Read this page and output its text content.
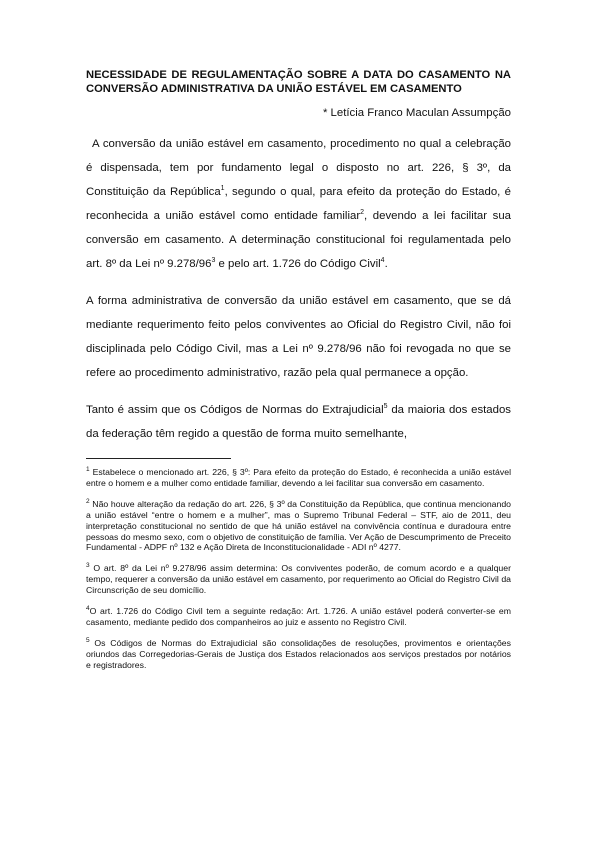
NECESSIDADE DE REGULAMENTAÇÃO SOBRE A DATA DO CASAMENTO NA CONVERSÃO ADMINISTRATIVA DA UNIÃO ESTÁVEL EM CASAMENTO
* Letícia Franco Maculan Assumpção

A conversão da união estável em casamento, procedimento no qual a celebração é dispensada, tem por fundamento legal o disposto no art. 226, § 3º, da Constituição da República$^1$, segundo o qual, para efeito da proteção do Estado, é reconhecida a união estável como entidade familiar$^2$, devendo a lei facilitar sua conversão em casamento. A determinação constitucional foi regulamentada pelo art. 8º da Lei nº $9.278/96^3$ e pelo art. 1.726 do Código Civil$^4$.

A forma administrativa de conversão da união estável em casamento, que se dá mediante requerimento feito pelos conviventes ao Oficial do Registro Civil, não foi disciplinada pelo Código Civil, mas a Lei nº 9.278/96 não foi revogada no que se refere ao procedimento administrativo, razão pela qual permanece a opção.

Tanto é assim que os Códigos de Normas do Extrajudicial$^5$ da maioria dos estados da federação têm regido a questão de forma muito semelhante,

$^1$ Estabelece o mencionado art. 226, § 3º: Para efeito da proteção do Estado, é reconhecida a união estável entre o homem e a mulher como entidade familiar, devendo a lei facilitar sua conversão em casamento.

$^2$ Não houve alteração da redação do art. 226, § 3º da Constituição da República, que continua mencionando a união estável “entre o homem e a mulher”, mas o Supremo Tribunal Federal – STF, aio de 2011, deu interpretação constitucional no sentido de que há união estável na convivência contínua e duradoura entre pessoas do mesmo sexo, com o objetivo de constituição de família. Ver Ação de Descumprimento de Preceito Fundamental - ADPF nº 132 e Ação Direta de Inconstitucionalidade - ADI nº 4277.

$^3$ O art. 8º da Lei nº 9.278/96 assim determina: Os conviventes poderão, de comum acordo e a qualquer tempo, requerer a conversão da união estável em casamento, por requerimento ao Oficial do Registro Civil da Circunscrição de seu domicílio.

$^4$O art. 1.726 do Código Civil tem a seguinte redação: Art. 1.726. A união estável poderá converter-se em casamento, mediante pedido dos companheiros ao juiz e assento no Registro Civil.

$^5$ Os Códigos de Normas do Extrajudicial são consolidações de resoluções, provimentos e orientações oriundos das Corregedorias-Gerais de Justiça dos Estados relacionados aos serviços prestados por notários e registradores.
